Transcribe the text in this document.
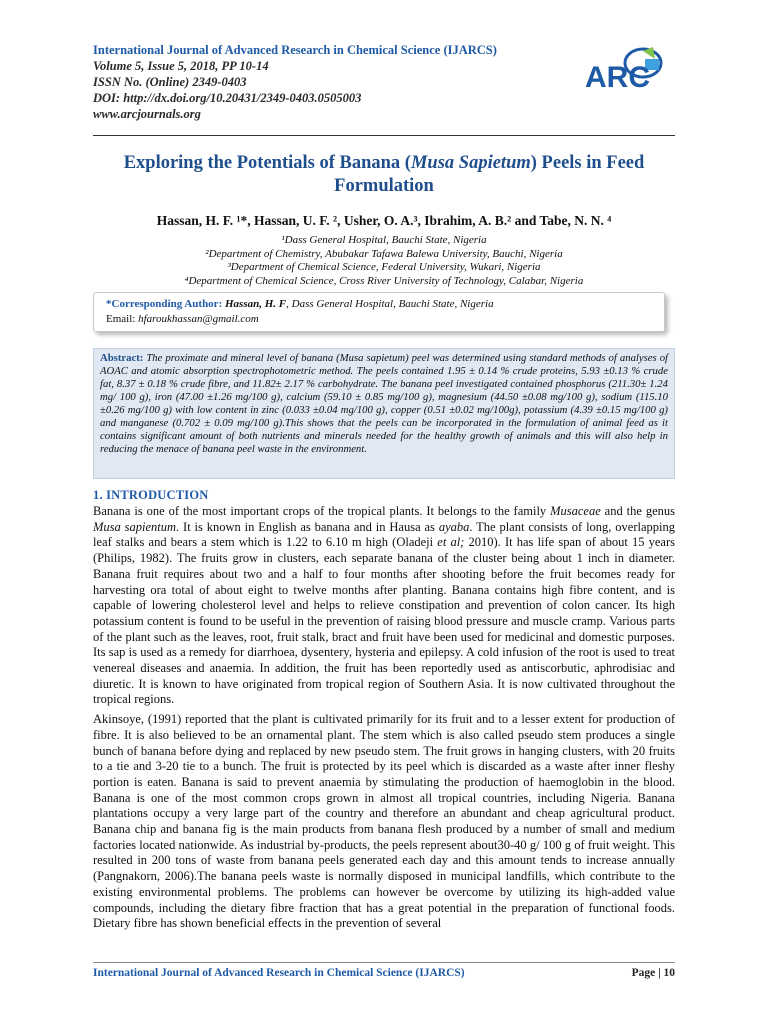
International Journal of Advanced Research in Chemical Science (IJARCS)
Volume 5, Issue 5, 2018, PP 10-14
ISSN No. (Online) 2349-0403
DOI: http://dx.doi.org/10.20431/2349-0403.0505003
www.arcjournals.org
ARC
Exploring the Potentials of Banana (Musa Sapietum) Peels in Feed Formulation
Hassan, H. F. ¹*, Hassan, U. F. ², Usher, O. A.³, Ibrahim, A. B.² and Tabe, N. N. ⁴
¹Dass General Hospital, Bauchi State, Nigeria
²Department of Chemistry, Abubakar Tafawa Balewa University, Bauchi, Nigeria
³Department of Chemical Science, Federal University, Wukari, Nigeria
⁴Department of Chemical Science, Cross River University of Technology, Calabar, Nigeria
*Corresponding Author: Hassan, H. F, Dass General Hospital, Bauchi State, Nigeria
Email: hfaroukhassan@gmail.com
Abstract: The proximate and mineral level of banana (Musa sapietum) peel was determined using standard methods of analyses of AOAC and atomic absorption spectrophotometric method. The peels contained 1.95 ± 0.14 % crude proteins, 5.93 ±0.13 % crude fat, 8.37 ± 0.18 % crude fibre, and 11.82± 2.17 % carbohydrate. The banana peel investigated contained phosphorus (211.30± 1.24 mg/ 100 g), iron (47.00 ±1.26 mg/100 g), calcium (59.10 ± 0.85 mg/100 g), magnesium (44.50 ±0.08 mg/100 g), sodium (115.10 ±0.26 mg/100 g) with low content in zinc (0.033 ±0.04 mg/100 g), copper (0.51 ±0.02 mg/100g), potassium (4.39 ±0.15 mg/100 g) and manganese (0.702 ± 0.09 mg/100 g).This shows that the peels can be incorporated in the formulation of animal feed as it contains significant amount of both nutrients and minerals needed for the healthy growth of animals and this will also help in reducing the menace of banana peel waste in the environment.
1. INTRODUCTION

Banana is one of the most important crops of the tropical plants. It belongs to the family Musaceae and the genus Musa sapientum. It is known in English as banana and in Hausa as ayaba. The plant consists of long, overlapping leaf stalks and bears a stem which is 1.22 to 6.10 m high (Oladeji et al; 2010). It has life span of about 15 years (Philips, 1982). The fruits grow in clusters, each separate banana of the cluster being about 1 inch in diameter. Banana fruit requires about two and a half to four months after shooting before the fruit becomes ready for harvesting ora total of about eight to twelve months after planting. Banana contains high fibre content, and is capable of lowering cholesterol level and helps to relieve constipation and prevention of colon cancer. Its high potassium content is found to be useful in the prevention of raising blood pressure and muscle cramp. Various parts of the plant such as the leaves, root, fruit stalk, bract and fruit have been used for medicinal and domestic purposes. Its sap is used as a remedy for diarrhoea, dysentery, hysteria and epilepsy. A cold infusion of the root is used to treat venereal diseases and anaemia. In addition, the fruit has been reportedly used as antiscorbutic, aphrodisiac and diuretic. It is known to have originated from tropical region of Southern Asia. It is now cultivated throughout the tropical regions.

Akinsoye, (1991) reported that the plant is cultivated primarily for its fruit and to a lesser extent for production of fibre. It is also believed to be an ornamental plant. The stem which is also called pseudo stem produces a single bunch of banana before dying and replaced by new pseudo stem. The fruit grows in hanging clusters, with 20 fruits to a tie and 3-20 tie to a bunch. The fruit is protected by its peel which is discarded as a waste after inner fleshy portion is eaten. Banana is said to prevent anaemia by stimulating the production of haemoglobin in the blood. Banana is one of the most common crops grown in almost all tropical countries, including Nigeria. Banana plantations occupy a very large part of the country and therefore an abundant and cheap agricultural product. Banana chip and banana fig is the main products from banana flesh produced by a number of small and medium factories located nationwide. As industrial by-products, the peels represent about30-40 g/ 100 g of fruit weight. This resulted in 200 tons of waste from banana peels generated each day and this amount tends to increase annually (Pangnakorn, 2006).The banana peels waste is normally disposed in municipal landfills, which contribute to the existing environmental problems. The problems can however be overcome by utilizing its high-added value compounds, including the dietary fibre fraction that has a great potential in the preparation of functional foods. Dietary fibre has shown beneficial effects in the prevention of several

International Journal of Advanced Research in Chemical Science (IJARCS)	Page | 10
